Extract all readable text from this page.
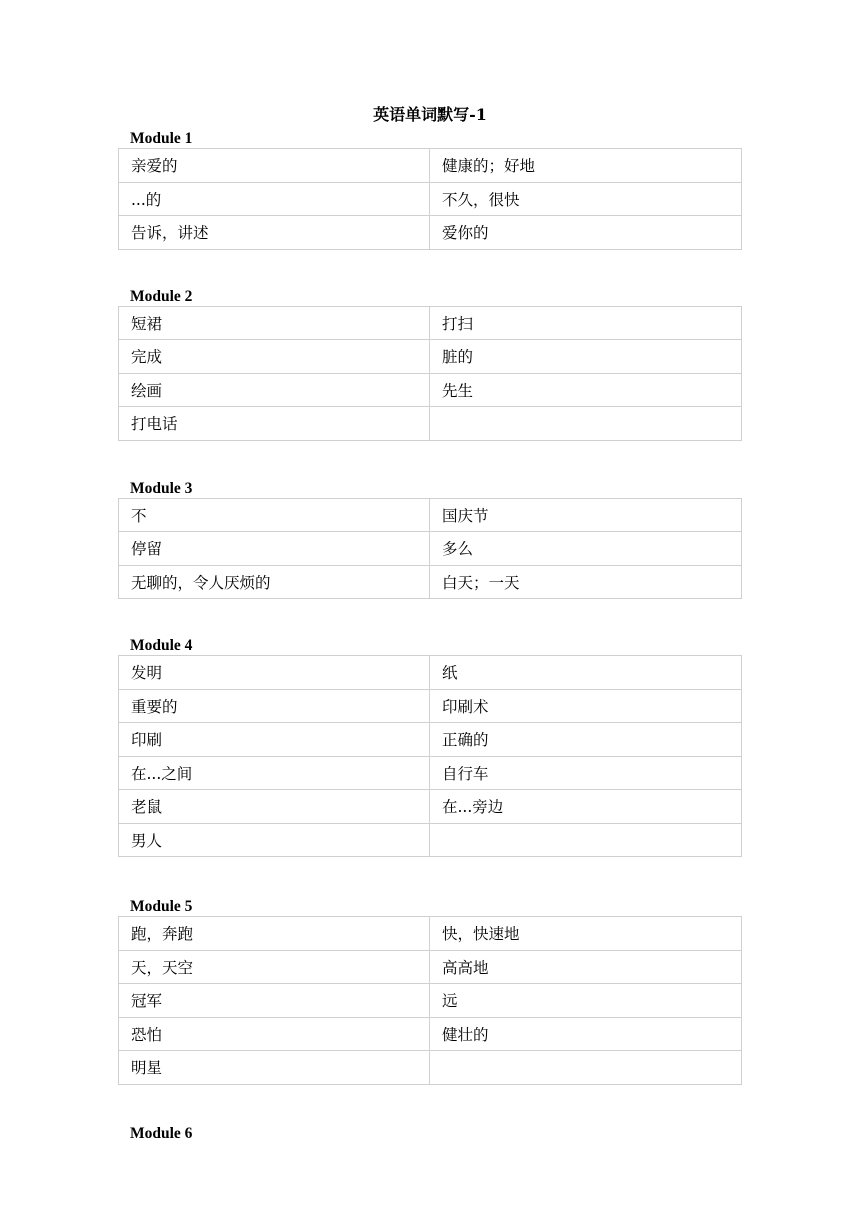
英语单词默写-1
Module 1
亲爱的	健康的；好地
...的	不久，很快
告诉，讲述	爱你的
Module 2
短裙	打扫
完成	脏的
绘画	先生
打电话	
Module 3
不	国庆节
停留	多么
无聊的，令人厌烦的	白天；一天
Module 4
发明	纸
重要的	印刷术
印刷	正确的
在...之间	自行车
老鼠	在...旁边
男人	
Module 5
跑，奔跑	快，快速地
天，天空	高高地
冠军	远
恐怕	健壮的
明星	
Module 6
